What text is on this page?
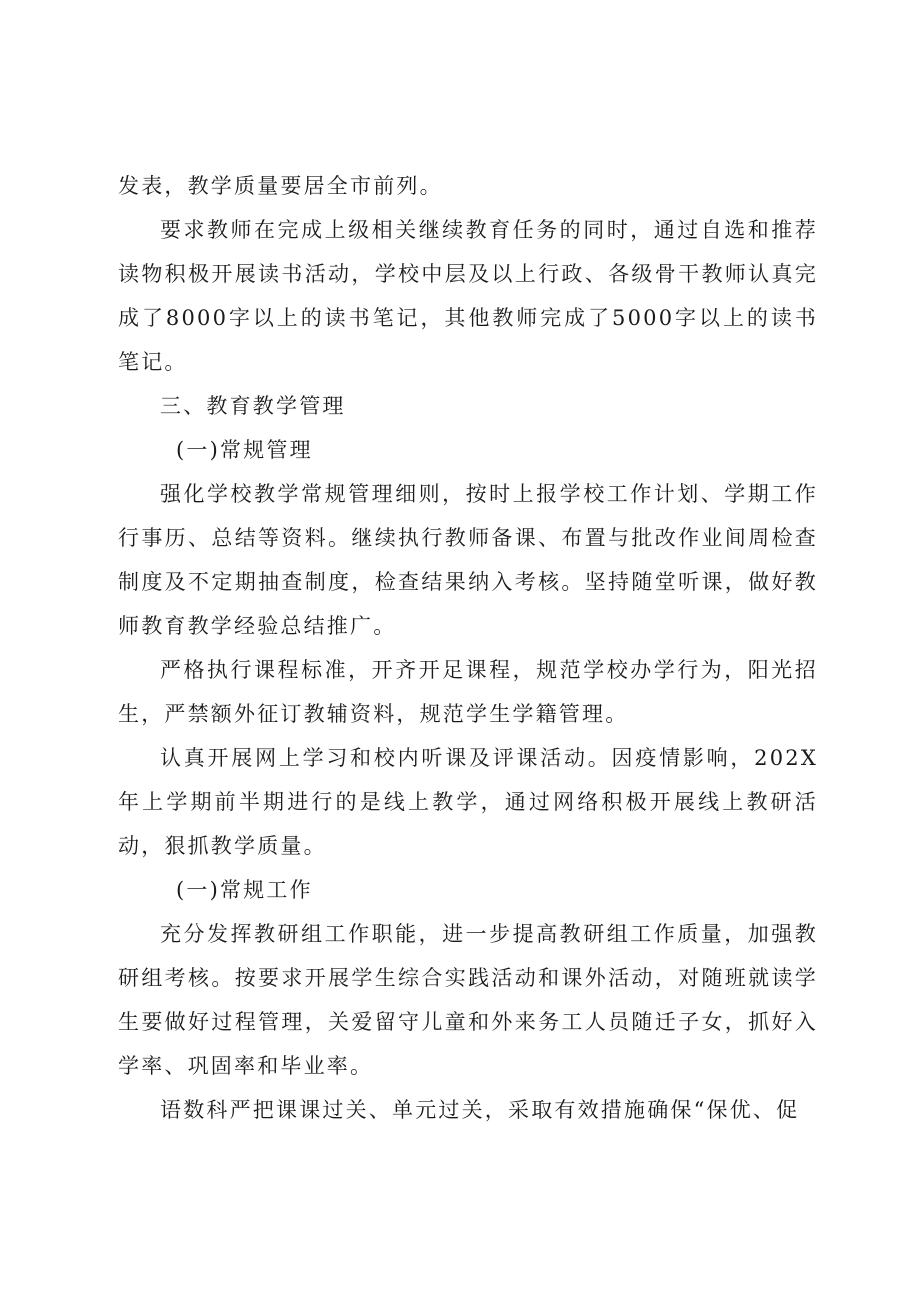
发表，教学质量要居全市前列。

要求教师在完成上级相关继续教育任务的同时，通过自选和推荐读物积极开展读书活动，学校中层及以上行政、各级骨干教师认真完成了8000字以上的读书笔记，其他教师完成了5000字以上的读书笔记。

三、教育教学管理

(一)常规管理

强化学校教学常规管理细则，按时上报学校工作计划、学期工作行事历、总结等资料。继续执行教师备课、布置与批改作业间周检查制度及不定期抽查制度，检查结果纳入考核。坚持随堂听课，做好教师教育教学经验总结推广。

严格执行课程标准，开齐开足课程，规范学校办学行为，阳光招生，严禁额外征订教辅资料，规范学生学籍管理。

认真开展网上学习和校内听课及评课活动。因疫情影响，202X年上学期前半期进行的是线上教学，通过网络积极开展线上教研活动，狠抓教学质量。

(一)常规工作

充分发挥教研组工作职能，进一步提高教研组工作质量，加强教研组考核。按要求开展学生综合实践活动和课外活动，对随班就读学生要做好过程管理，关爱留守儿童和外来务工人员随迁子女，抓好入学率、巩固率和毕业率。

语数科严把课课过关、单元过关，采取有效措施确保“保优、促
